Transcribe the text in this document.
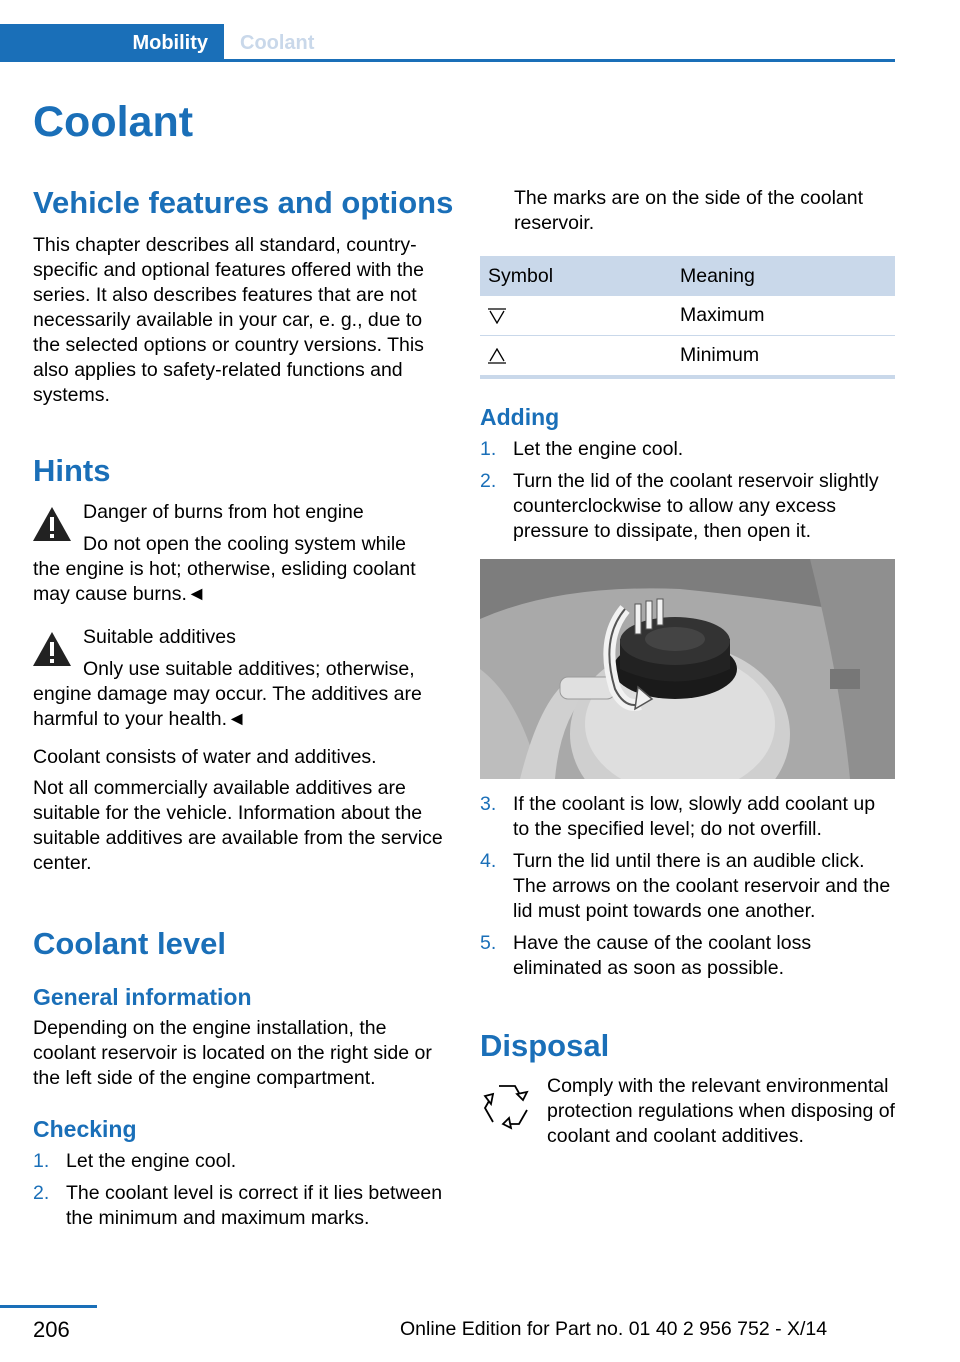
Mobility Coolant
Coolant
Vehicle features and options

This chapter describes all standard, country-specific and optional features offered with the series. It also describes features that are not necessarily available in your car, e. g., due to the selected options or country versions. This also applies to safety-related functions and systems.

Hints

Danger of burns from hot engine

Do not open the cooling system while

the engine is hot; otherwise, esliding coolant may cause burns.◄

Suitable additives

Only use suitable additives; otherwise,

engine damage may occur. The additives are harmful to your health.◄

Coolant consists of water and additives.

Not all commercially available additives are suitable for the vehicle. Information about the suitable additives are available from the service center.

Coolant level
General information

Depending on the engine installation, the coolant reservoir is located on the right side or the left side of the engine compartment.

Checking
1. Let the engine cool.
2. The coolant level is correct if it lies between the minimum and maximum marks.

The marks are on the side of the coolant reservoir.

Symbol	Meaning
	Maximum
	Minimum
Adding
1. Let the engine cool.
2. Turn the lid of the coolant reservoir slightly counterclockwise to allow any excess pressure to dissipate, then open it.
3. If the coolant is low, slowly add coolant up to the specified level; do not overfill.
4. Turn the lid until there is an audible click. The arrows on the coolant reservoir and the lid must point towards one another.
5. Have the cause of the coolant loss eliminated as soon as possible.
Disposal

Comply with the relevant environmental protection regulations when disposing of coolant and coolant additives.

206	Online Edition for Part no. 01 40 2 956 752 - X/14
